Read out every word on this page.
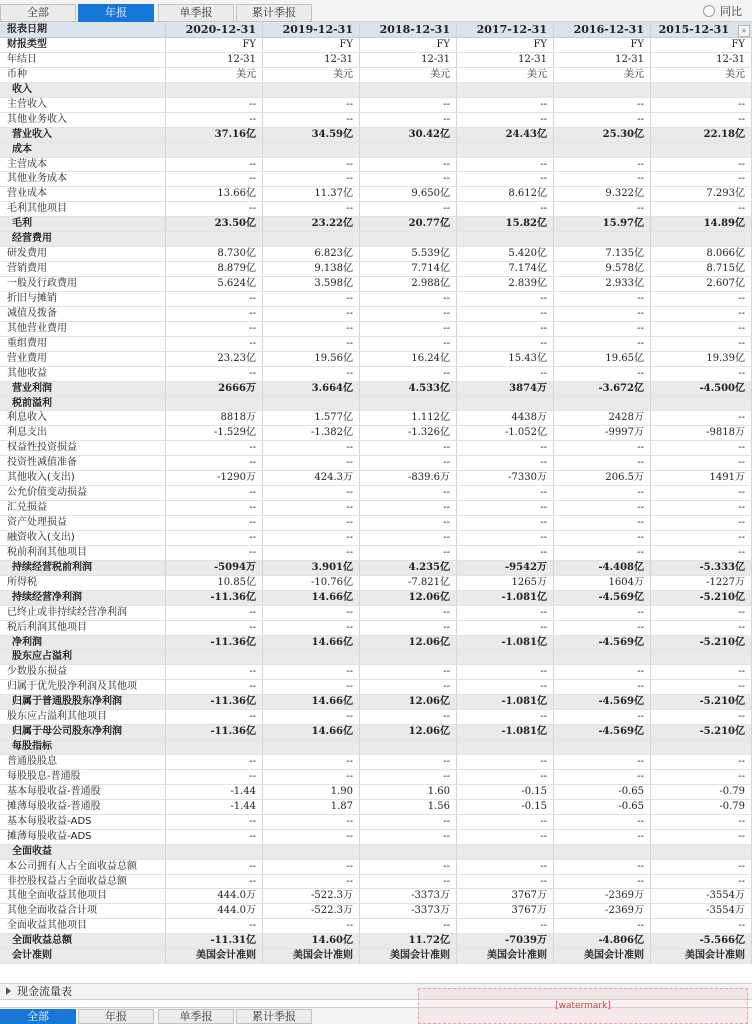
全部	年报	单季报	累计季报	同比
报表日期	2020-12-31	2019-12-31	2018-12-31	2017-12-31	2016-12-31	2015-12-31	»
财报类型	FY	FY	FY	FY	FY	FY
年结日	12-31	12-31	12-31	12-31	12-31	12-31
币种	美元	美元	美元	美元	美元	美元
收入
主营收入	--	--	--	--	--	--
其他业务收入	--	--	--	--	--	--
营业收入	37.16亿	34.59亿	30.42亿	24.43亿	25.30亿	22.18亿
成本
主营成本	--	--	--	--	--	--
其他业务成本	--	--	--	--	--	--
营业成本	13.66亿	11.37亿	9.650亿	8.612亿	9.322亿	7.293亿
毛利其他项目	--	--	--	--	--	--
毛利	23.50亿	23.22亿	20.77亿	15.82亿	15.97亿	14.89亿
经营费用
研发费用	8.730亿	6.823亿	5.539亿	5.420亿	7.135亿	8.066亿
营销费用	8.879亿	9.138亿	7.714亿	7.174亿	9.578亿	8.715亿
一般及行政费用	5.624亿	3.598亿	2.988亿	2.839亿	2.933亿	2.607亿
折旧与摊销	--	--	--	--	--	--
减值及拨备	--	--	--	--	--	--
其他营业费用	--	--	--	--	--	--
重组费用	--	--	--	--	--	--
营业费用	23.23亿	19.56亿	16.24亿	15.43亿	19.65亿	19.39亿
其他收益	--	--	--	--	--	--
营业利润	2666万	3.664亿	4.533亿	3874万	-3.672亿	-4.500亿
税前溢利
利息收入	8818万	1.577亿	1.112亿	4438万	2428万	--
利息支出	-1.529亿	-1.382亿	-1.326亿	-1.052亿	-9997万	-9818万
权益性投资损益	--	--	--	--	--	--
投资性减值准备	--	--	--	--	--	--
其他收入(支出)	-1290万	424.3万	-839.6万	-7330万	206.5万	1491万
公允价值变动损益	--	--	--	--	--	--
汇兑损益	--	--	--	--	--	--
资产处理损益	--	--	--	--	--	--
融资收入(支出)	--	--	--	--	--	--
税前利润其他项目	--	--	--	--	--	--
持续经营税前利润	-5094万	3.901亿	4.235亿	-9542万	-4.408亿	-5.333亿
所得税	10.85亿	-10.76亿	-7.821亿	1265万	1604万	-1227万
持续经营净利润	-11.36亿	14.66亿	12.06亿	-1.081亿	-4.569亿	-5.210亿
已终止或非持续经营净利润	--	--	--	--	--	--
税后利润其他项目	--	--	--	--	--	--
净利润	-11.36亿	14.66亿	12.06亿	-1.081亿	-4.569亿	-5.210亿
股东应占溢利
少数股东损益	--	--	--	--	--	--
归属于优先股净利润及其他项	--	--	--	--	--	--
归属于普通股股东净利润	-11.36亿	14.66亿	12.06亿	-1.081亿	-4.569亿	-5.210亿
股东应占溢利其他项目	--	--	--	--	--	--
归属于母公司股东净利润	-11.36亿	14.66亿	12.06亿	-1.081亿	-4.569亿	-5.210亿
每股指标
普通股股息	--	--	--	--	--	--
每股股息-普通股	--	--	--	--	--	--
基本每股收益-普通股	-1.44	1.90	1.60	-0.15	-0.65	-0.79
摊薄每股收益-普通股	-1.44	1.87	1.56	-0.15	-0.65	-0.79
基本每股收益-ADS	--	--	--	--	--	--
摊薄每股收益-ADS	--	--	--	--	--	--
全面收益
本公司拥有人占全面收益总额	--	--	--	--	--	--
非控股权益占全面收益总额	--	--	--	--	--	--
其他全面收益其他项目	444.0万	-522.3万	-3373万	3767万	-2369万	-3554万
其他全面收益合计项	444.0万	-522.3万	-3373万	3767万	-2369万	-3554万
全面收益其他项目	--	--	--	--	--	--
全面收益总额	-11.31亿	14.60亿	11.72亿	-7039万	-4.806亿	-5.566亿
会计准则	美国会计准则	美国会计准则	美国会计准则	美国会计准则	美国会计准则	美国会计准则
现金流量表
全部	年报	单季报	累计季报
[watermark]
